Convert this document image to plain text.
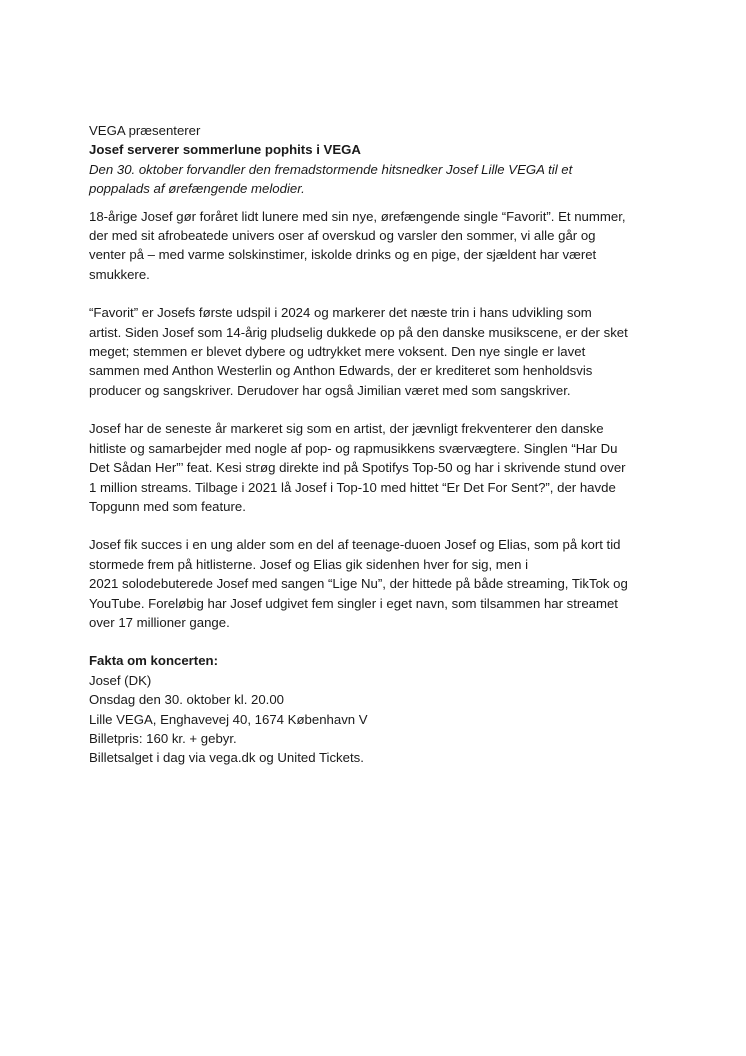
VEGA præsenterer
Josef serverer sommerlune pophits i VEGA
Den 30. oktober forvandler den fremadstormende hitsnedker Josef Lille VEGA til et
poppalads af ørefængende melodier.
18-årige Josef gør foråret lidt lunere med sin nye, ørefængende single “Favorit”. Et nummer,
der med sit afrobeatede univers oser af overskud og varsler den sommer, vi alle går og
venter på – med varme solskinstimer, iskolde drinks og en pige, der sjældent har været
smukkere.
“Favorit” er Josefs første udspil i 2024 og markerer det næste trin i hans udvikling som
artist. Siden Josef som 14-årig pludselig dukkede op på den danske musikscene, er der sket
meget; stemmen er blevet dybere og udtrykket mere voksent. Den nye single er lavet
sammen med Anthon Westerlin og Anthon Edwards, der er krediteret som henholdsvis
producer og sangskriver. Derudover har også Jimilian været med som sangskriver.
Josef har de seneste år markeret sig som en artist, der jævnligt frekventerer den danske
hitliste og samarbejder med nogle af pop- og rapmusikkens sværvægtere. Singlen “Har Du
Det Sådan Her”’ feat. Kesi strøg direkte ind på Spotifys Top-50 og har i skrivende stund over
1 million streams. Tilbage i 2021 lå Josef i Top-10 med hittet “Er Det For Sent?”, der havde
Topgunn med som feature.
Josef fik succes i en ung alder som en del af teenage-duoen Josef og Elias, som på kort tid
stormede frem på hitlisterne. Josef og Elias gik sidenhen hver for sig, men i
2021 solodebuterede Josef med sangen “Lige Nu”, der hittede på både streaming, TikTok og
YouTube. Foreløbig har Josef udgivet fem singler i eget navn, som tilsammen har streamet
over 17 millioner gange.
Fakta om koncerten:
Josef (DK)
Onsdag den 30. oktober kl. 20.00
Lille VEGA, Enghavevej 40, 1674 København V
Billetpris: 160 kr. + gebyr.
Billetsalget i dag via vega.dk og United Tickets.
